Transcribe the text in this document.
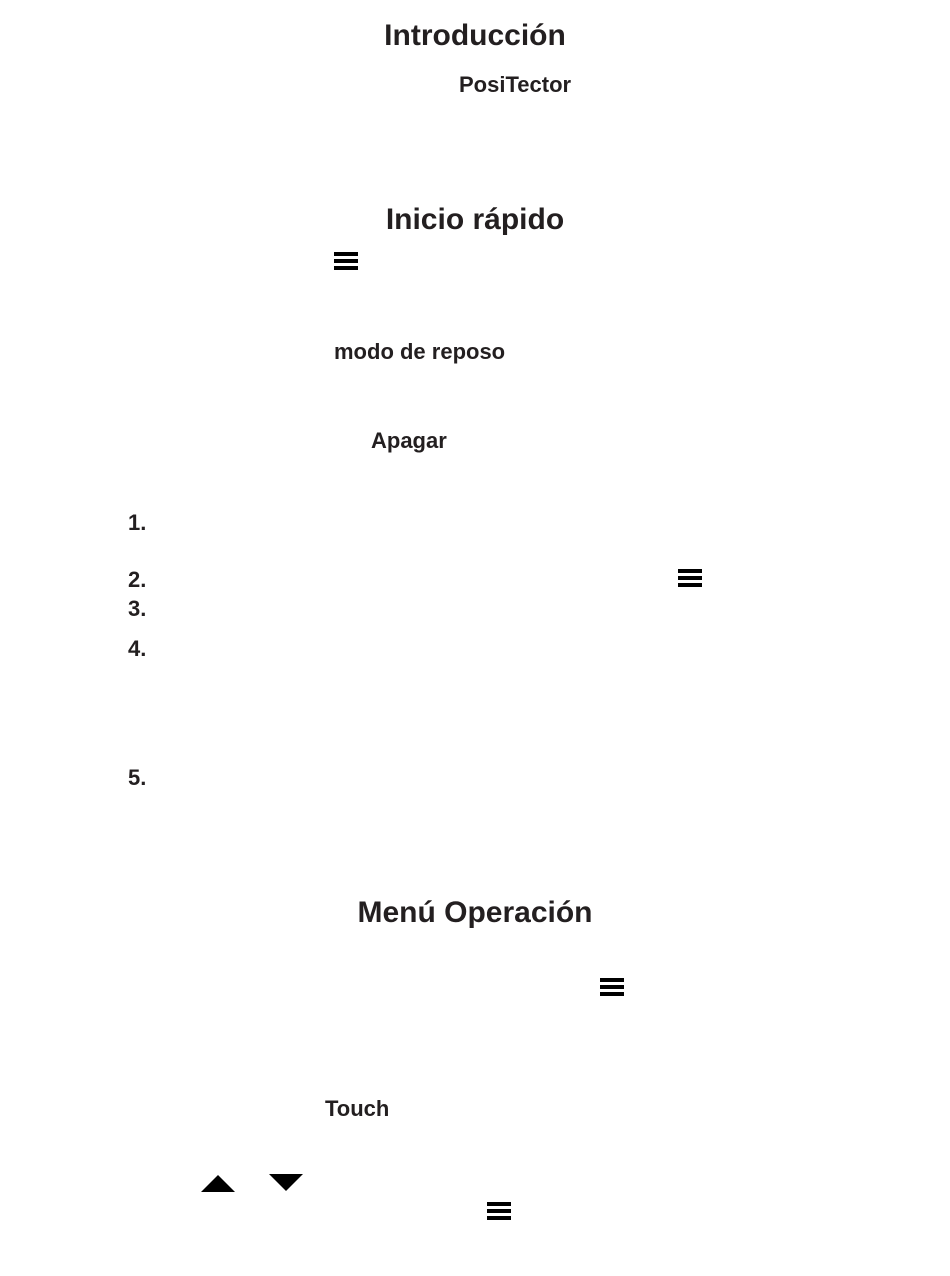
Introducción
PosiTector
Inicio rápido
modo de reposo
Apagar
1.
2.
3.
4.
5.
Menú Operación
Touch
